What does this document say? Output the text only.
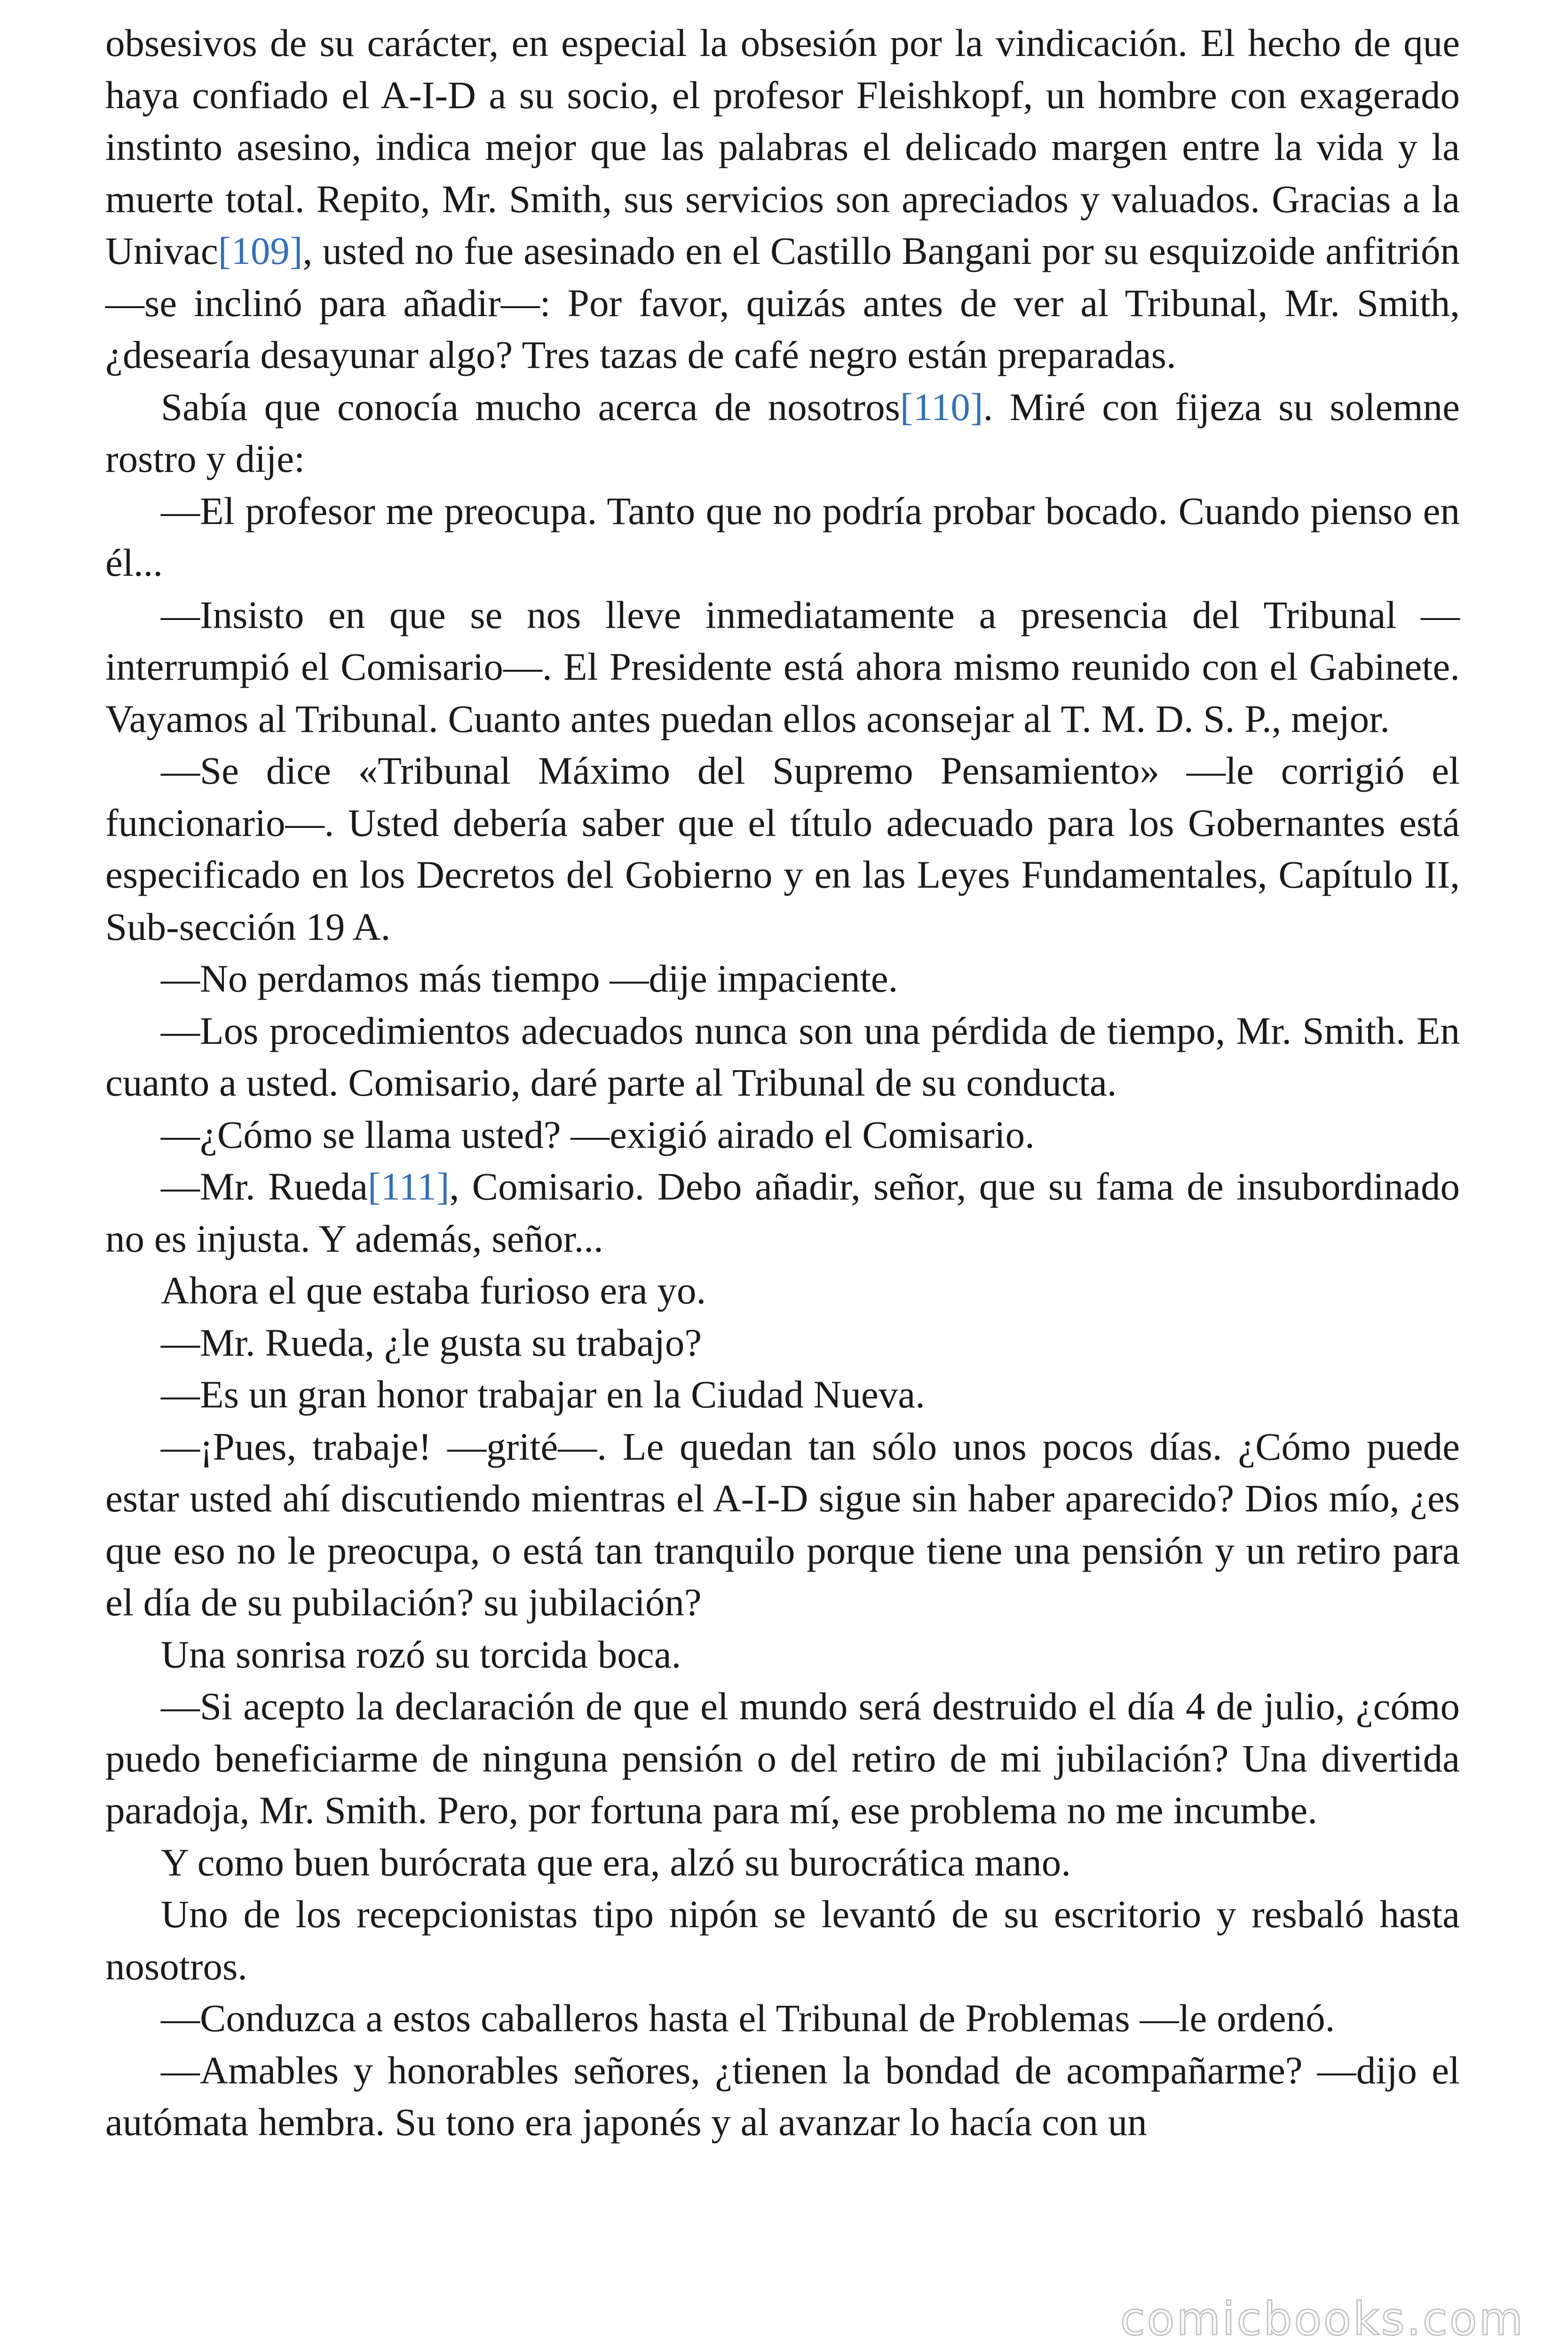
obsesivos de su carácter, en especial la obsesión por la vindicación. El hecho de que haya confiado el A-I-D a su socio, el profesor Fleishkopf, un hombre con exagerado instinto asesino, indica mejor que las palabras el delicado margen entre la vida y la muerte total. Repito, Mr. Smith, sus servicios son apreciados y valuados. Gracias a la Univac[109], usted no fue asesinado en el Castillo Bangani por su esquizoide anfitrión —se inclinó para añadir—: Por favor, quizás antes de ver al Tribunal, Mr. Smith, ¿desearía desayunar algo? Tres tazas de café negro están preparadas.

Sabía que conocía mucho acerca de nosotros[110]. Miré con fijeza su solemne rostro y dije:

—El profesor me preocupa. Tanto que no podría probar bocado. Cuando pienso en él...

—Insisto en que se nos lleve inmediatamente a presencia del Tribunal —interrumpió el Comisario—. El Presidente está ahora mismo reunido con el Gabinete. Vayamos al Tribunal. Cuanto antes puedan ellos aconsejar al T. M. D. S. P., mejor.

—Se dice «Tribunal Máximo del Supremo Pensamiento» —le corrigió el funcionario—. Usted debería saber que el título adecuado para los Gobernantes está especificado en los Decretos del Gobierno y en las Leyes Fundamentales, Capítulo II, Sub-sección 19 A.

—No perdamos más tiempo —dije impaciente.

—Los procedimientos adecuados nunca son una pérdida de tiempo, Mr. Smith. En cuanto a usted. Comisario, daré parte al Tribunal de su conducta.

—¿Cómo se llama usted? —exigió airado el Comisario.

—Mr. Rueda[111], Comisario. Debo añadir, señor, que su fama de insubordinado no es injusta. Y además, señor...

Ahora el que estaba furioso era yo.

—Mr. Rueda, ¿le gusta su trabajo?

—Es un gran honor trabajar en la Ciudad Nueva.

—¡Pues, trabaje! —grité—. Le quedan tan sólo unos pocos días. ¿Cómo puede estar usted ahí discutiendo mientras el A-I-D sigue sin haber aparecido? Dios mío, ¿es que eso no le preocupa, o está tan tranquilo porque tiene una pensión y un retiro para el día de su pubilación? su jubilación?

Una sonrisa rozó su torcida boca.

—Si acepto la declaración de que el mundo será destruido el día 4 de julio, ¿cómo puedo beneficiarme de ninguna pensión o del retiro de mi jubilación? Una divertida paradoja, Mr. Smith. Pero, por fortuna para mí, ese problema no me incumbe.

Y como buen burócrata que era, alzó su burocrática mano.

Uno de los recepcionistas tipo nipón se levantó de su escritorio y resbaló hasta nosotros.

—Conduzca a estos caballeros hasta el Tribunal de Problemas —le ordenó.

—Amables y honorables señores, ¿tienen la bondad de acompañarme? —dijo el autómata hembra. Su tono era japonés y al avanzar lo hacía con un

comicbooks.com
